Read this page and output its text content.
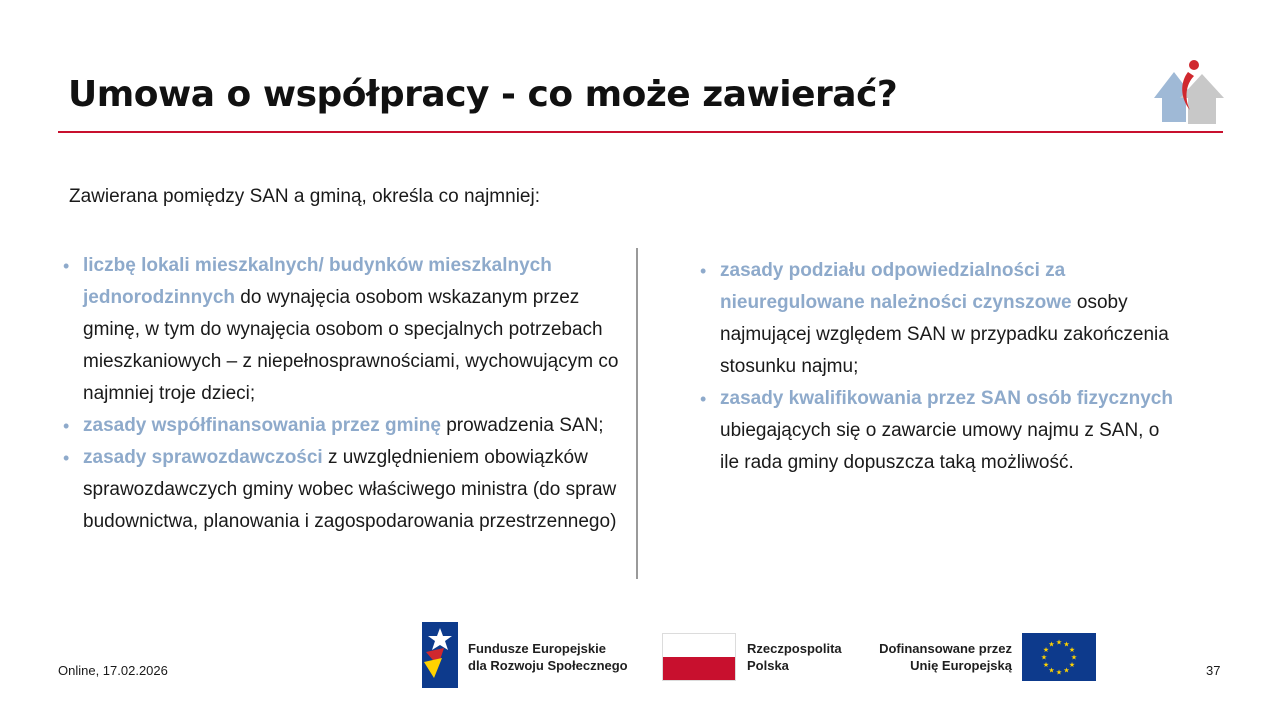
Umowa o współpracy - co może zawierać?
Zawierana pomiędzy SAN a gminą, określa co najmniej:
• liczbę lokali mieszkalnych/ budynków mieszkalnych jednorodzinnych do wynajęcia osobom wskazanym przez gminę, w tym do wynajęcia osobom o specjalnych potrzebach mieszkaniowych – z niepełnosprawnościami, wychowującym co najmniej troje dzieci;
• zasady współfinansowania przez gminę prowadzenia SAN;
• zasady sprawozdawczości z uwzględnieniem obowiązków sprawozdawczych gminy wobec właściwego ministra (do spraw budownictwa, planowania i zagospodarowania przestrzennego)
• zasady podziału odpowiedzialności za nieuregulowane należności czynszowe osoby najmującej względem SAN w przypadku zakończenia stosunku najmu;
• zasady kwalifikowania przez SAN osób fizycznych ubiegających się o zawarcie umowy najmu z SAN, o ile rada gminy dopuszcza taką możliwość.
Online, 17.02.2026
Fundusze Europejskie
dla Rozwoju Społecznego
Rzeczpospolita
Polska
Dofinansowane przez
Unię Europejską
★
★
★
★
★
★
★
★
★ ★ ★
★
37
